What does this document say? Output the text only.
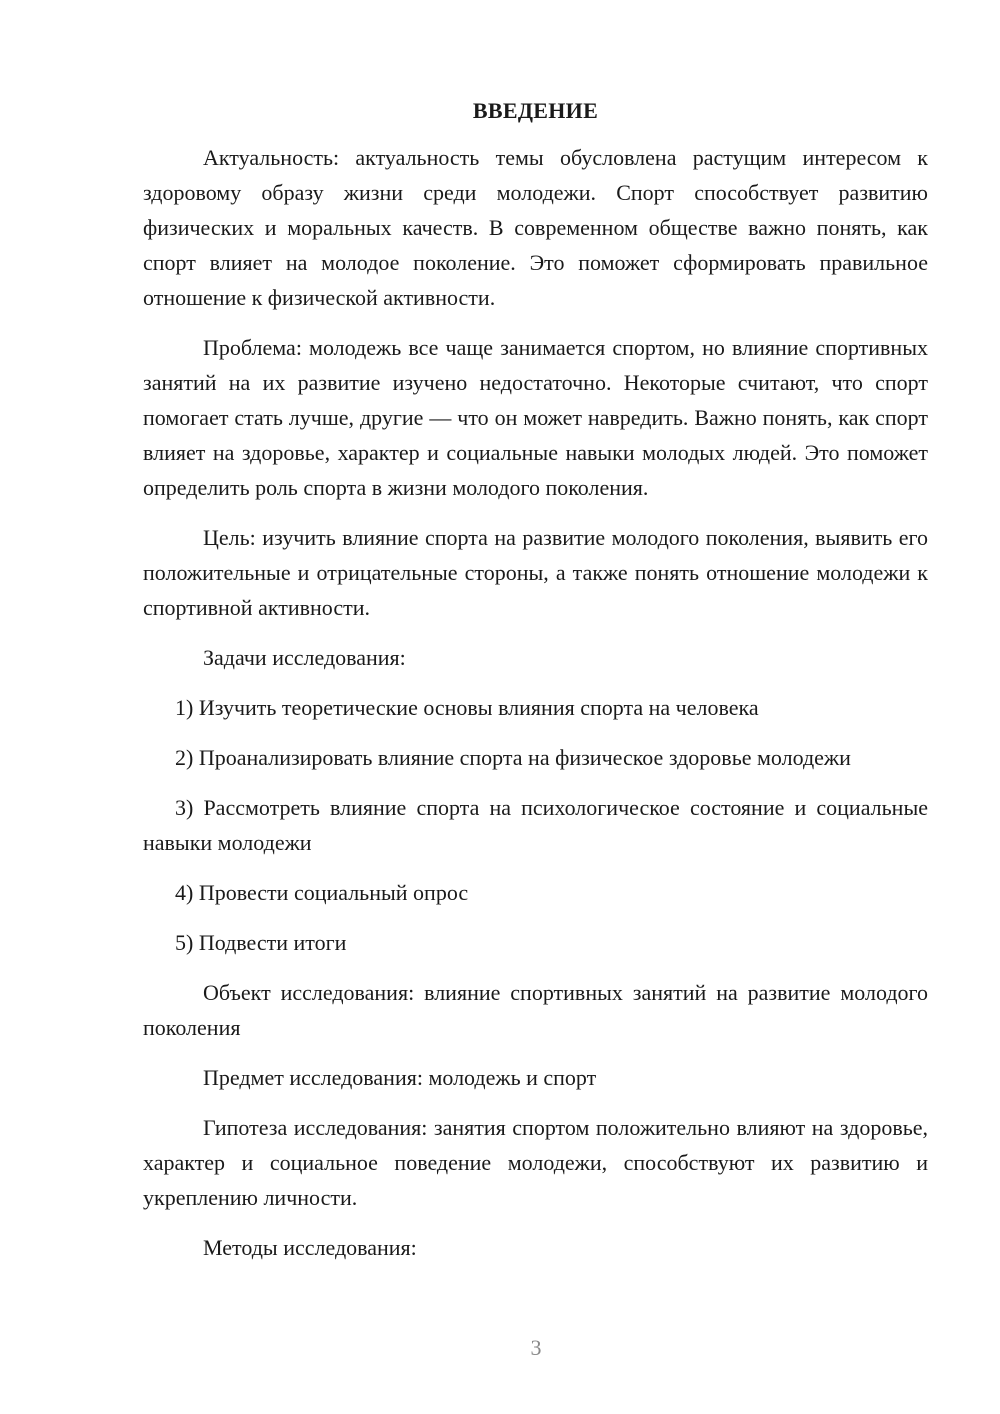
ВВЕДЕНИЕ

Актуальность: актуальность темы обусловлена растущим интересом к здоровому образу жизни среди молодежи. Спорт способствует развитию физических и моральных качеств. В современном обществе важно понять, как спорт влияет на молодое поколение. Это поможет сформировать правильное отношение к физической активности.

Проблема: молодежь все чаще занимается спортом, но влияние спортивных занятий на их развитие изучено недостаточно. Некоторые считают, что спорт помогает стать лучше, другие — что он может навредить. Важно понять, как спорт влияет на здоровье, характер и социальные навыки молодых людей. Это поможет определить роль спорта в жизни молодого поколения.

Цель: изучить влияние спорта на развитие молодого поколения, выявить его положительные и отрицательные стороны, а также понять отношение молодежи к спортивной активности.

Задачи исследования:

1) Изучить теоретические основы влияния спорта на человека

2) Проанализировать влияние спорта на физическое здоровье молодежи

3) Рассмотреть влияние спорта на психологическое состояние и социальные навыки молодежи

4) Провести социальный опрос

5) Подвести итоги

Объект исследования: влияние спортивных занятий на развитие молодого поколения

Предмет исследования: молодежь и спорт

Гипотеза исследования: занятия спортом положительно влияют на здоровье, характер и социальное поведение молодежи, способствуют их развитию и укреплению личности.

Методы исследования:

3
